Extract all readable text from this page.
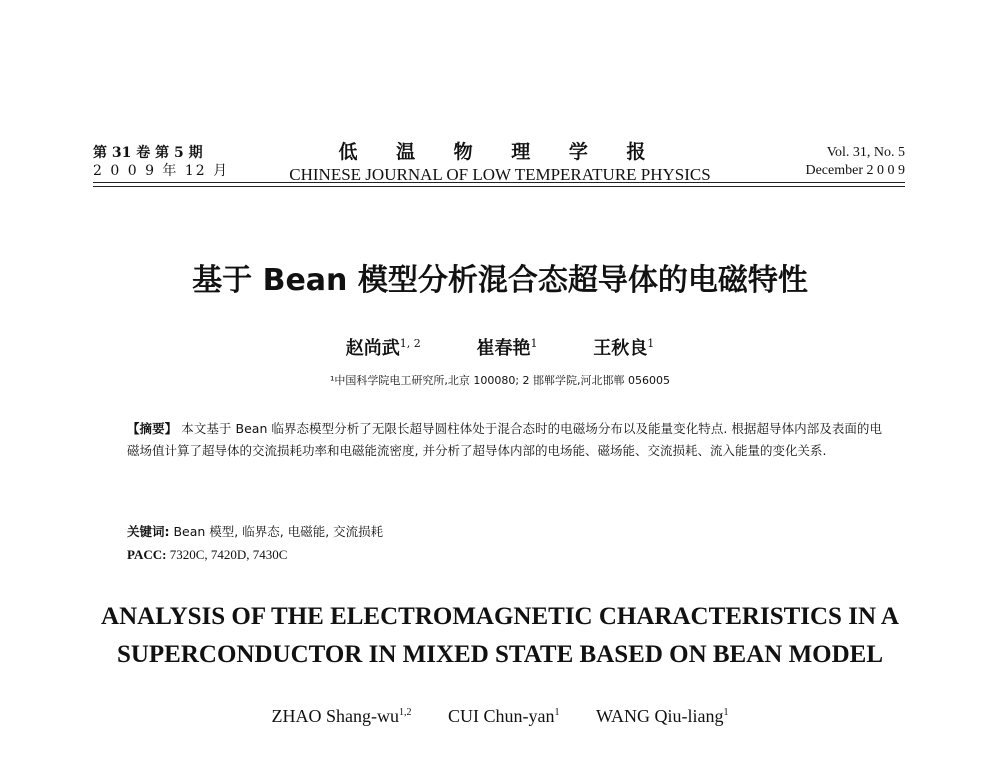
第 31 卷 第 5 期
2 0 0 9 年 12 月
低 温 物 理 学 报
CHINESE JOURNAL OF LOW TEMPERATURE PHYSICS
Vol. 31, No. 5
December 2 0 0 9
基于 Bean 模型分析混合态超导体的电磁特性
赵尚武$^{1, 2}$	崔春艳$^1$	王秋良$^1$
¹中国科学院电工研究所,北京 100080; 2 邯郸学院,河北邯郸 056005
【摘要】 本文基于 Bean 临界态模型分析了无限长超导圆柱体处于混合态时的电磁场分布以及能量变化特点. 根据超导体内部及表面的电磁场值计算了超导体的交流损耗功率和电磁能流密度, 并分析了超导体内部的电场能、磁场能、交流损耗、流入能量的变化关系.
关键词: Bean 模型, 临界态, 电磁能, 交流损耗
PACC: 7320C, 7420D, 7430C
ANALYSIS OF THE ELECTROMAGNETIC CHARACTERISTICS IN A
SUPERCONDUCTOR IN MIXED STATE BASED ON BEAN MODEL
ZHAO Shang-wu$^{1,2}$ CUI Chun-yan$^1$ WANG Qiu-liang$^1$
